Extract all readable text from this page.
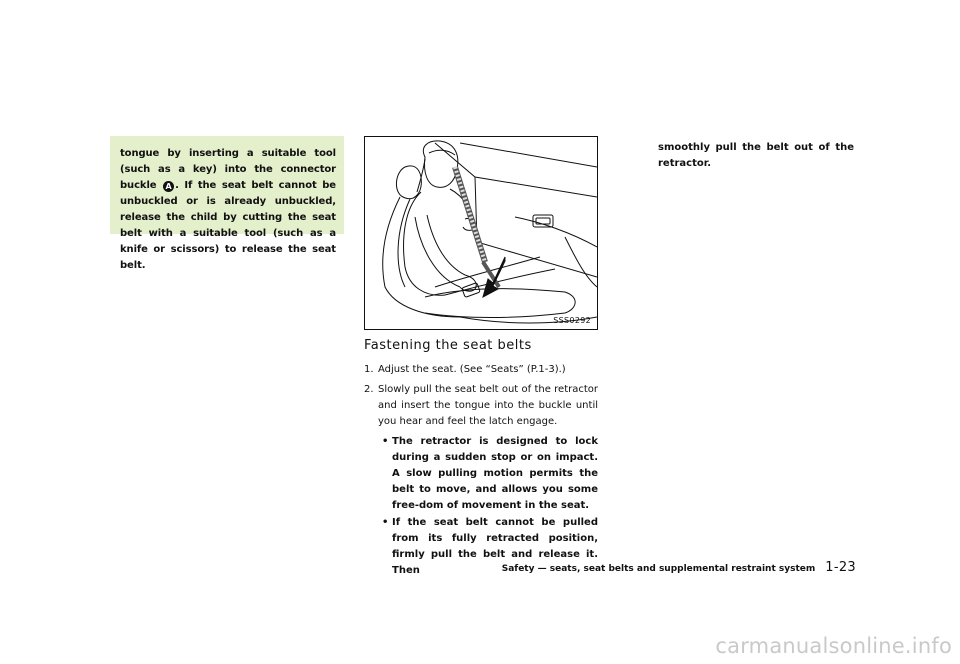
tongue by inserting a suitable tool (such as a key) into the connector buckle A . If the seat belt cannot be unbuckled or is already unbuckled, release the child by cutting the seat belt with a suitable tool (such as a knife or scissors) to release the seat belt.

SSS0292
Fastening the seat belts

1. Adjust the seat. (See “Seats” (P.1-3).)

2. Slowly pull the seat belt out of the retractor and insert the tongue into the buckle until you hear and feel the latch engage.

• The retractor is designed to lock during a sudden stop or on impact. A slow pulling motion permits the belt to move, and allows you some free-dom of movement in the seat.
• If the seat belt cannot be pulled from its fully retracted position, firmly pull the belt and release it. Then

smoothly pull the belt out of the retractor.

Safety — seats, seat belts and supplemental restraint system 1-23
carmanualsonline.info
